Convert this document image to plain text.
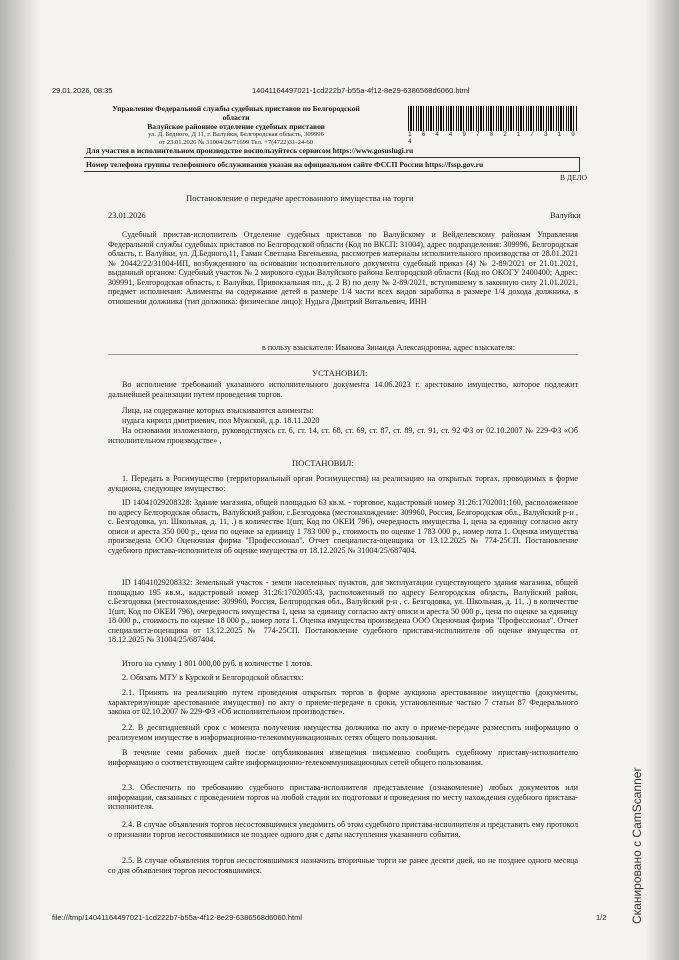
29.01.2026, 08:35	14041164497021-1cd222b7-b55a-4f12-8e29-6386568d6060.html
Управление Федеральной службы судебных приставов по Белгородской
области
Валуйское районное отделение судебных приставов
ул. Д. Бедного, Д 11, г. Валуйки, Белгородская область, 309996
от 23.01.2026 № 31004/26/71699 Тел. +7(4722)31-24-60
1 6 4 4 9 7 0 2 1 / 3 1 0 4
Для участия в исполнительном производстве воспользуйтесь сервисом https://www.gosuslugi.ru
Номер телефона группы телефонного обслуживания указан на официальном сайте ФССП России https://fssp.gov.ru
В ДЕЛО
Постановление о передаче арестованного имущества на торги
23.01.2026	Валуйки
Судебный пристав-исполнитель Отделение судебных приставов по Валуйскому и Вейделевскому районам Управления Федеральной службы судебных приставов по Белгородской области (Код по ВКСП: 31004), адрес подразделения: 309996, Белгородская область, г. Валуйки, ул. Д.Бедного,11, Гаман Светлана Евгеньевна, рассмотрев материалы исполнительного производства от 28.01.2021 № 20442/22/31004-ИП, возбужденного на основании исполнительного документа судебный приказ (4) № 2-89/2021 от 21.01.2021, выданный органом: Судебный участок № 2 мирового судьи Валуйского района Белгородской области (Код по ОКОГУ 2400400; Адрес: 309991, Белгородская область, г. Валуйки, Привокзальная пл., д. 2 В) по делу № 2-89/2021, вступившему в законную силу 21.01.2021, предмет исполнения: Алименты на содержание детей в размере 1/4 части всех видов заработка в размере 1/4 дохода должника, в отношении должника (тип должника: физическое лицо): Нудьга Дмитрий Витальевич, ИНН
в пользу взыскателя: Иванова Зинаида Александровна, адрес взыскателя:
УСТАНОВИЛ:
Во исполнение требований указанного исполнительного документа 14.06.2023 г. арестовано имущество, которое подлежит дальнейшей реализации путем проведения торгов.
Лица, на содержание которых взыскиваются алименты:
нудьга кирилл дмитриевич, пол Мужской, д.р. 18.11.2020
На основании изложенного, руководствуясь ст. 6, ст. 14, ст. 68, ст. 69, ст. 87, ст. 89, ст. 91, ст. 92 ФЗ от 02.10.2007 № 229-ФЗ «Об исполнительном производстве» ,
ПОСТАНОВИЛ:
1. Передать в Росимущество (территориальный орган Росимущества) на реализацию на открытых торгах, проводимых в форме аукциона, следующее имущество:
ID 14041029208328: Здание магазина, общей площадью 63 кв.м. - торговое, кадастровый номер 31:26:1702001:160, расположенное по адресу Белгородская область, Валуйский район, с.Безгодовка (местонахождение: 309960, Россия, Белгородская обл., Валуйский р-н , с. Безгодовка, ул. Школьная, д. 11, .) в количестве 1(шт, Код по ОКЕИ 796), очередность имущества 1, цена за единицу согласно акту описи и ареста 350 000 р., цена по оценке за единицу 1 783 000 р., стоимость по оценке 1 783 000 р., номер лота 1. Оценка имущества произведена ООО Оценочная фирма "Профессионал". Отчет специалиста-оценщика от 13.12.2025 № 774-25СП. Постановление судебного пристава-исполнителя об оценке имущества от 18.12.2025 № 31004/25/687404.
ID 14041029208332: Земельный участок - земли населенных пунктов, для эксплуатации существующего здания магазина, общей площадью 195 кв.м., кадастровый номер 31:26:1702005:43, расположенный по адресу Белгородская область, Валуйский район, с.Безгодовка (местонахождение: 309960, Россия, Белгородская обл., Валуйский р-н , с. Безгодовка, ул. Школьная, д. 11, .) в количестве 1(шт, Код по ОКЕИ 796), очередность имущества 1, цена за единицу согласно акту описи и ареста 50 000 р., цена по оценке за единицу 18 000 р., стоимость по оценке 18 000 р., номер лота 1. Оценка имущества произведена ООО Оценочная фирма "Профессионал". Отчет специалиста-оценщика от 13.12.2025 № 774-25СП. Постановление судебного пристава-исполнителя об оценке имущества от 18.12.2025 № 31004/25/687404.
Итого на сумму 1 801 000,00 руб. в количестве 1 лотов.
2. Обязать МТУ в Курской и Белгородской областях:
2.1. Принять на реализацию путем проведения открытых торгов в форме аукциона арестованное имущество (документы, характеризующие арестованное имущество) по акту о приеме-передаче в сроки, установленные частью 7 статьи 87 Федерального закона от 02.10.2007 № 229-ФЗ «Об исполнительном производстве».
2.2. В десятидневный срок с момента получения имущества должника по акту о приеме-передаче разместить информацию о реализуемом имуществе в информационно-телекоммуникационных сетях общего пользования.
В течение семи рабочих дней после опубликования извещения письменно сообщить судебному приставу-исполнителю информацию о соответствующем сайте информационно-телекоммуникационных сетей общего пользования.
2.3. Обеспечить по требованию судебного пристава-исполнителя представление (ознакомление) любых документов или информации, связанных с проведением торгов на любой стадии их подготовки и проведения по месту нахождения судебного пристава-исполнителя.
2.4. В случае объявления торгов несостоявшимися уведомить об этом судебного пристава-исполнителя и представить ему протокол о признании торгов несостоявшимися не позднее одного дня с даты наступления указанного события.
2.5. В случае объявления торгов несостоявшимися назначить вторичные торги не ранее десяти дней, но не позднее одного месяца со дня объявления торгов несостоявшимися.
file:///tmp/14041164497021-1cd222b7-b55a-4f12-8e29-6386568d6060.html	1/2 Сканировано с CamScanner
